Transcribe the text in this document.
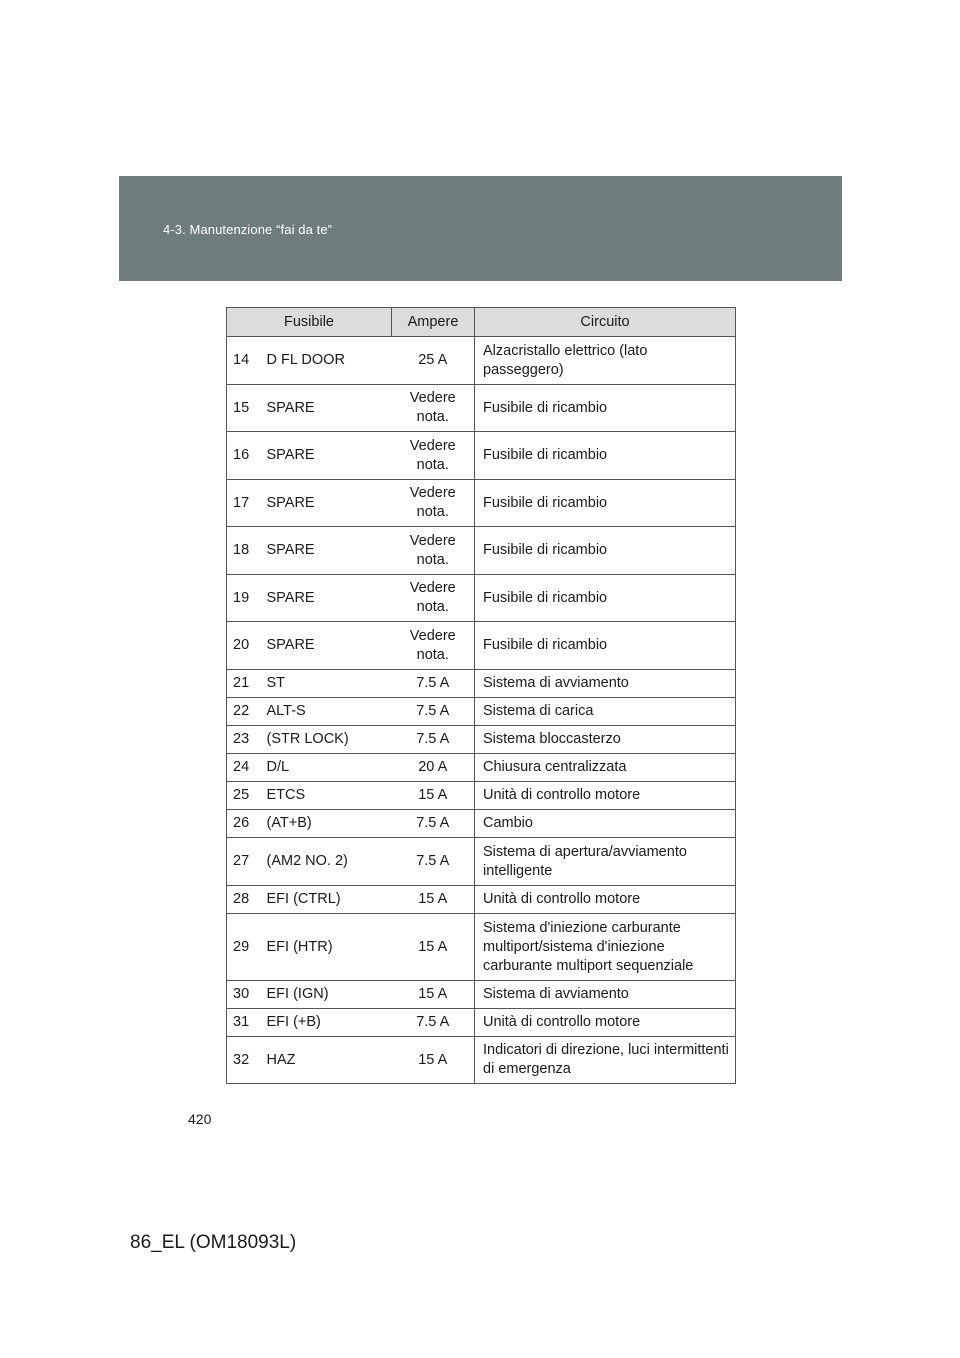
4-3. Manutenzione “fai da te”
Fusibile		Ampere	Circuito
14	D FL DOOR	25 A	Alzacristallo elettrico (lato passeggero)
15	SPARE	Vedere nota.	Fusibile di ricambio
16	SPARE	Vedere nota.	Fusibile di ricambio
17	SPARE	Vedere nota.	Fusibile di ricambio
18	SPARE	Vedere nota.	Fusibile di ricambio
19	SPARE	Vedere nota.	Fusibile di ricambio
20	SPARE	Vedere nota.	Fusibile di ricambio
21	ST	7.5 A	Sistema di avviamento
22	ALT-S	7.5 A	Sistema di carica
23	(STR LOCK)	7.5 A	Sistema bloccasterzo
24	D/L	20 A	Chiusura centralizzata
25	ETCS	15 A	Unità di controllo motore
26	(AT+B)	7.5 A	Cambio
27	(AM2 NO. 2)	7.5 A	Sistema di apertura/avviamento intelligente
28	EFI (CTRL)	15 A	Unità di controllo motore
29	EFI (HTR)	15 A	Sistema d'iniezione carburante multiport/sistema d'iniezione carburante multiport sequenziale
30	EFI (IGN)	15 A	Sistema di avviamento
31	EFI (+B)	7.5 A	Unità di controllo motore
32	HAZ	15 A	Indicatori di direzione, luci intermittenti di emergenza
420
86_EL (OM18093L)
